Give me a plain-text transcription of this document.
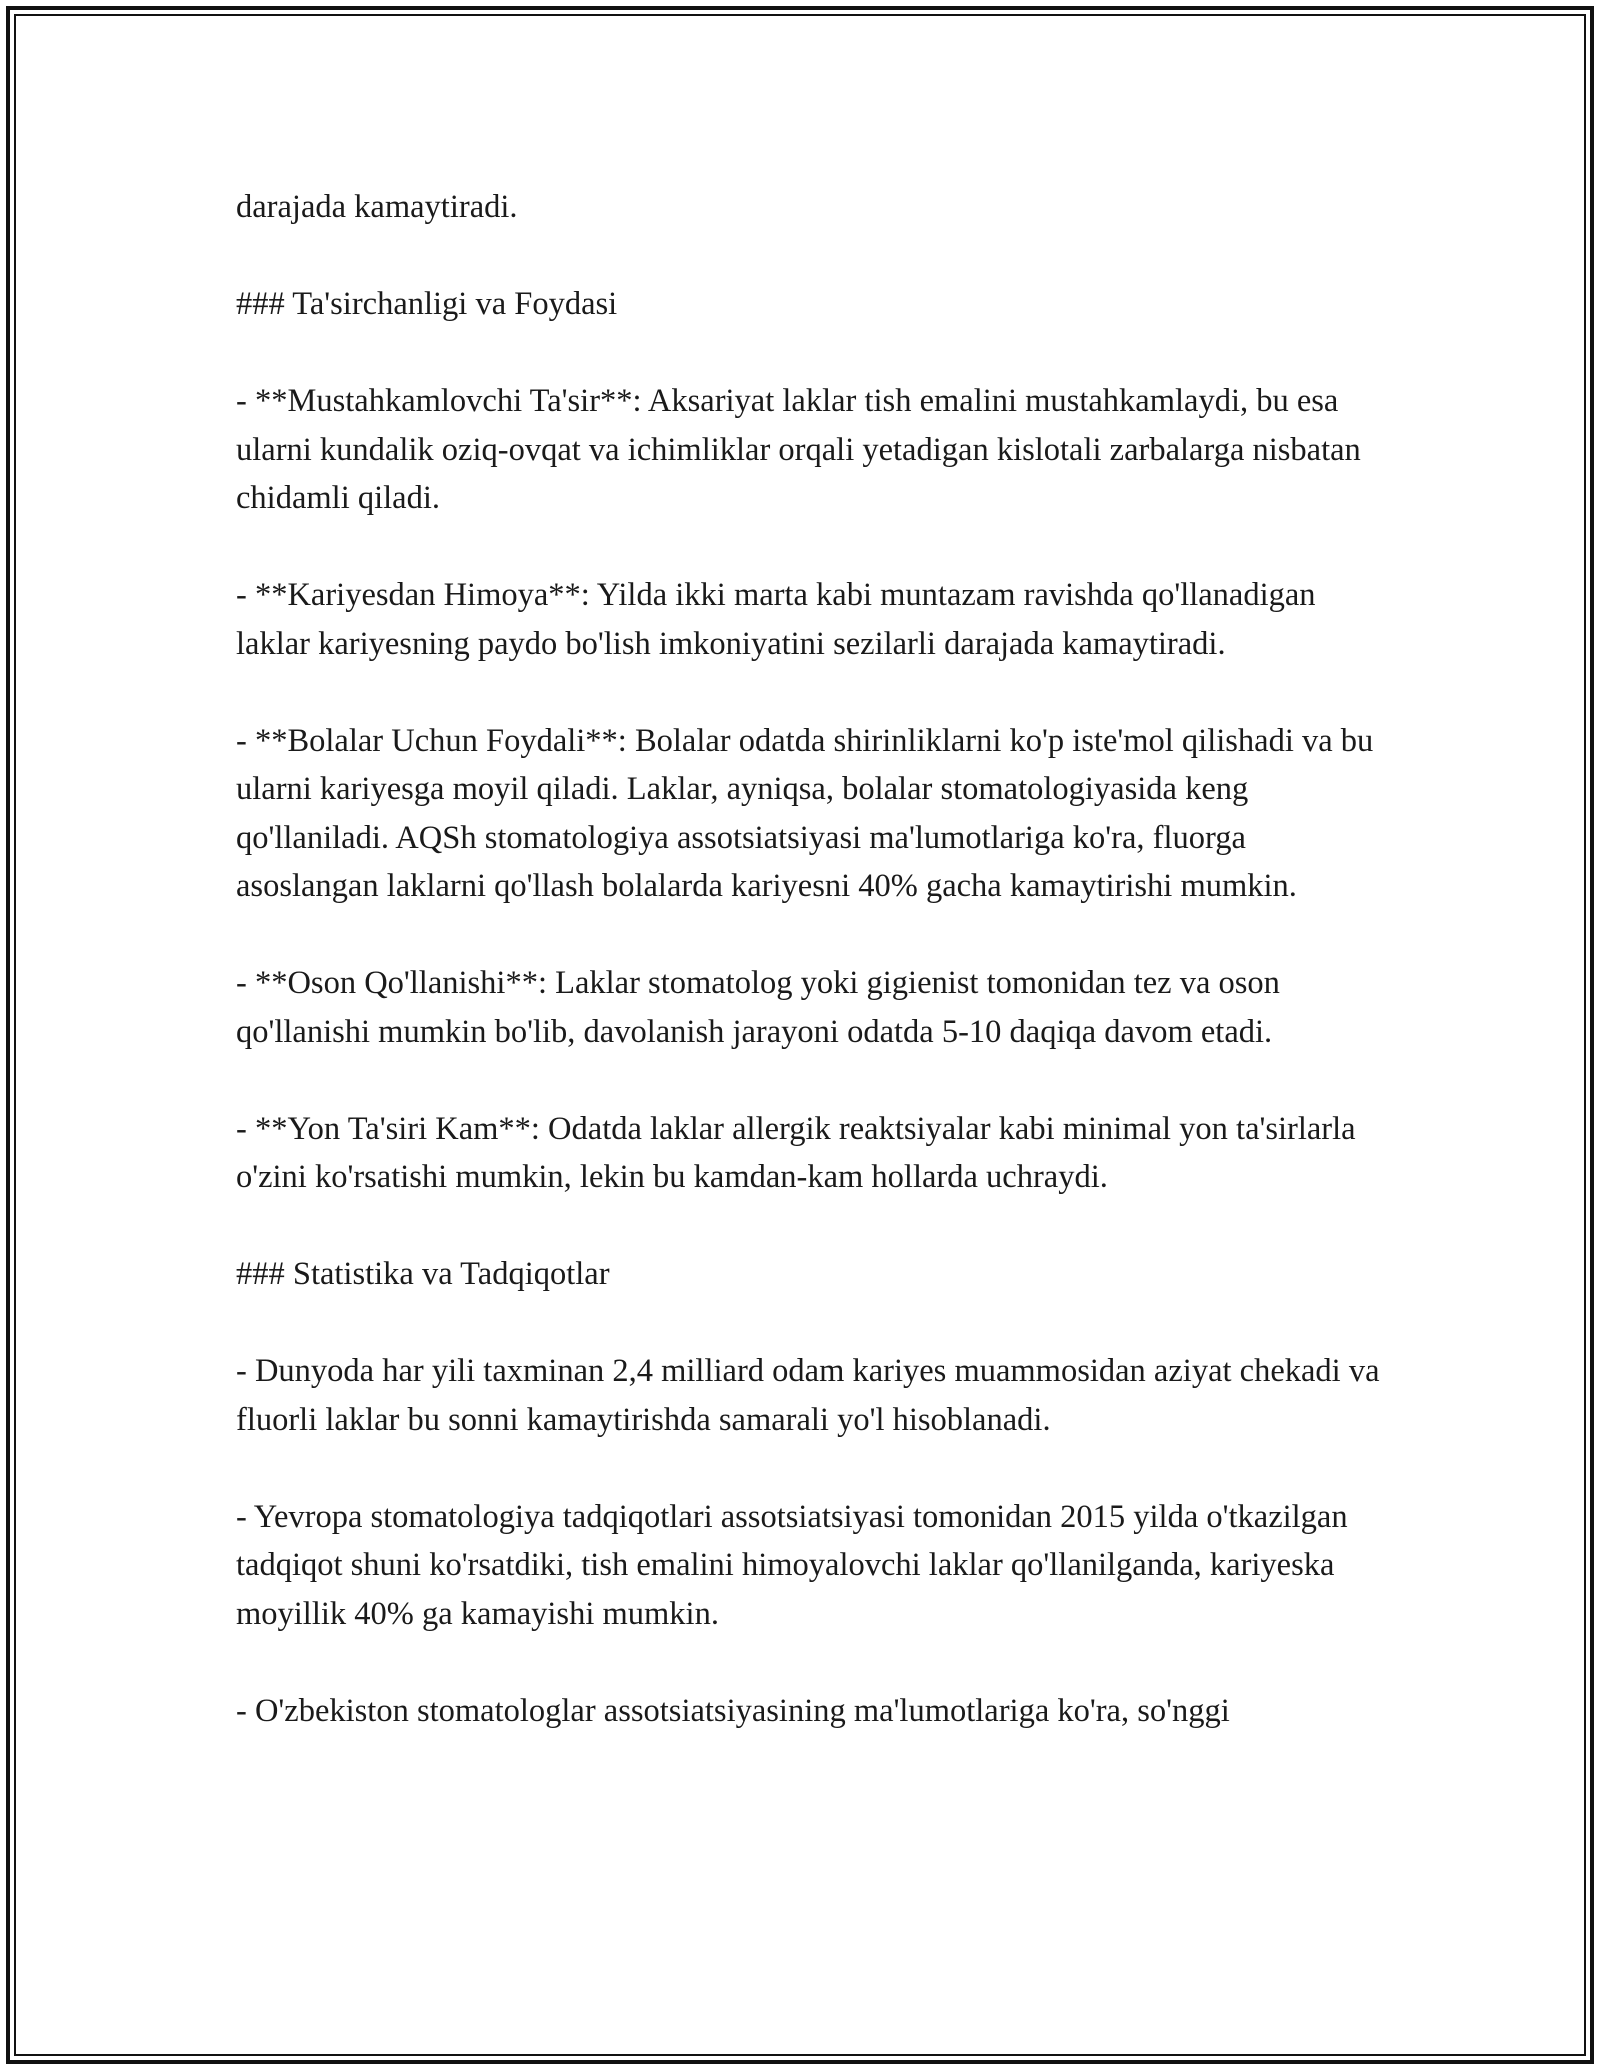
darajada kamaytiradi.

### Ta'sirchanligi va Foydasi

- **Mustahkamlovchi Ta'sir**: Aksariyat laklar tish emalini mustahkamlaydi, bu esa ularni kundalik oziq-ovqat va ichimliklar orqali yetadigan kislotali zarbalarga nisbatan chidamli qiladi.

- **Kariyesdan Himoya**: Yilda ikki marta kabi muntazam ravishda qo'llanadigan laklar kariyesning paydo bo'lish imkoniyatini sezilarli darajada kamaytiradi.

- **Bolalar Uchun Foydali**: Bolalar odatda shirinliklarni ko'p iste'mol qilishadi va bu ularni kariyesga moyil qiladi. Laklar, ayniqsa, bolalar stomatologiyasida keng qo'llaniladi. AQSh stomatologiya assotsiatsiyasi ma'lumotlariga ko'ra, fluorga asoslangan laklarni qo'llash bolalarda kariyesni 40% gacha kamaytirishi mumkin.

- **Oson Qo'llanishi**: Laklar stomatolog yoki gigienist tomonidan tez va oson qo'llanishi mumkin bo'lib, davolanish jarayoni odatda 5-10 daqiqa davom etadi.

- **Yon Ta'siri Kam**: Odatda laklar allergik reaktsiyalar kabi minimal yon ta'sirlarla o'zini ko'rsatishi mumkin, lekin bu kamdan-kam hollarda uchraydi.

### Statistika va Tadqiqotlar

- Dunyoda har yili taxminan 2,4 milliard odam kariyes muammosidan aziyat chekadi va fluorli laklar bu sonni kamaytirishda samarali yo'l hisoblanadi.

- Yevropa stomatologiya tadqiqotlari assotsiatsiyasi tomonidan 2015 yilda o'tkazilgan tadqiqot shuni ko'rsatdiki, tish emalini himoyalovchi laklar qo'llanilganda, kariyeska moyillik 40% ga kamayishi mumkin.

- O'zbekiston stomatologlar assotsiatsiyasining ma'lumotlariga ko'ra, so'nggi
